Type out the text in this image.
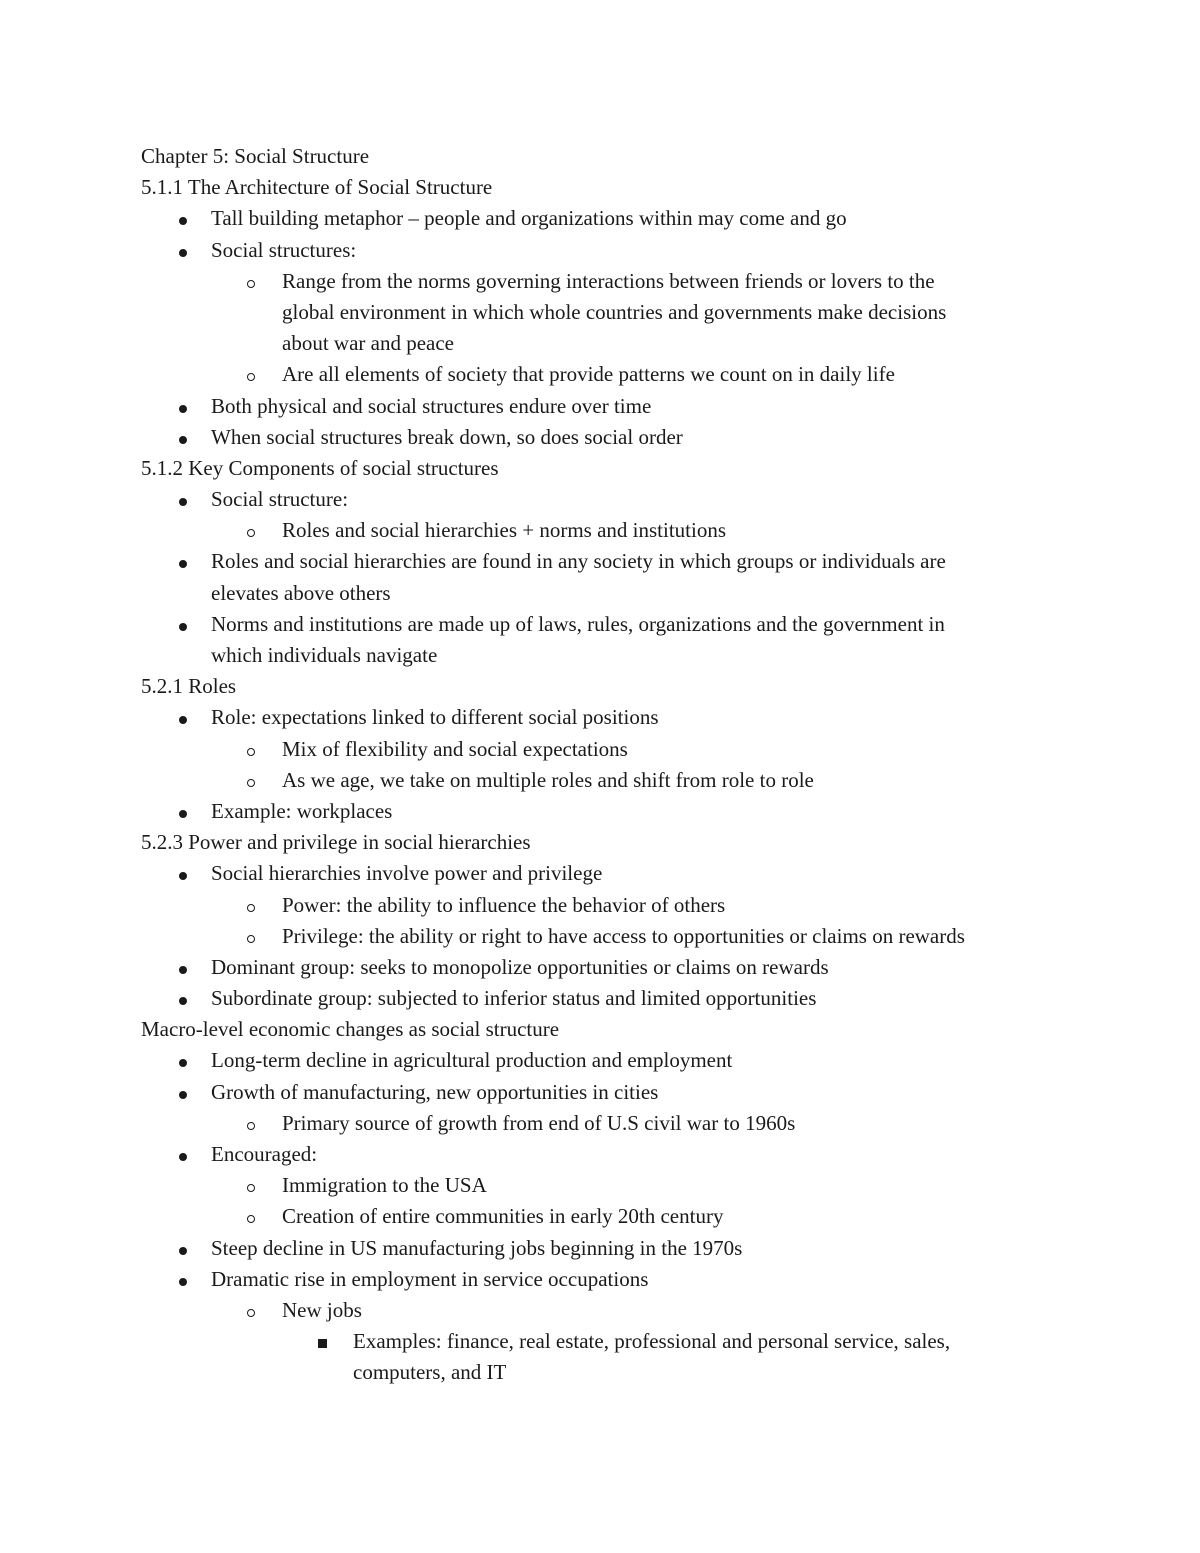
Chapter 5: Social Structure
5.1.1 The Architecture of Social Structure
Tall building metaphor – people and organizations within may come and go
Social structures:
Range from the norms governing interactions between friends or lovers to the
global environment in which whole countries and governments make decisions
about war and peace
Are all elements of society that provide patterns we count on in daily life
Both physical and social structures endure over time
When social structures break down, so does social order
5.1.2 Key Components of social structures
Social structure:
Roles and social hierarchies + norms and institutions
Roles and social hierarchies are found in any society in which groups or individuals are
elevates above others
Norms and institutions are made up of laws, rules, organizations and the government in
which individuals navigate
5.2.1 Roles
Role: expectations linked to different social positions
Mix of flexibility and social expectations
As we age, we take on multiple roles and shift from role to role
Example: workplaces
5.2.3 Power and privilege in social hierarchies
Social hierarchies involve power and privilege
Power: the ability to influence the behavior of others
Privilege: the ability or right to have access to opportunities or claims on rewards
Dominant group: seeks to monopolize opportunities or claims on rewards
Subordinate group: subjected to inferior status and limited opportunities
Macro-level economic changes as social structure
Long-term decline in agricultural production and employment
Growth of manufacturing, new opportunities in cities
Primary source of growth from end of U.S civil war to 1960s
Encouraged:
Immigration to the USA
Creation of entire communities in early 20th century
Steep decline in US manufacturing jobs beginning in the 1970s
Dramatic rise in employment in service occupations
New jobs
Examples: finance, real estate, professional and personal service, sales,
computers, and IT
